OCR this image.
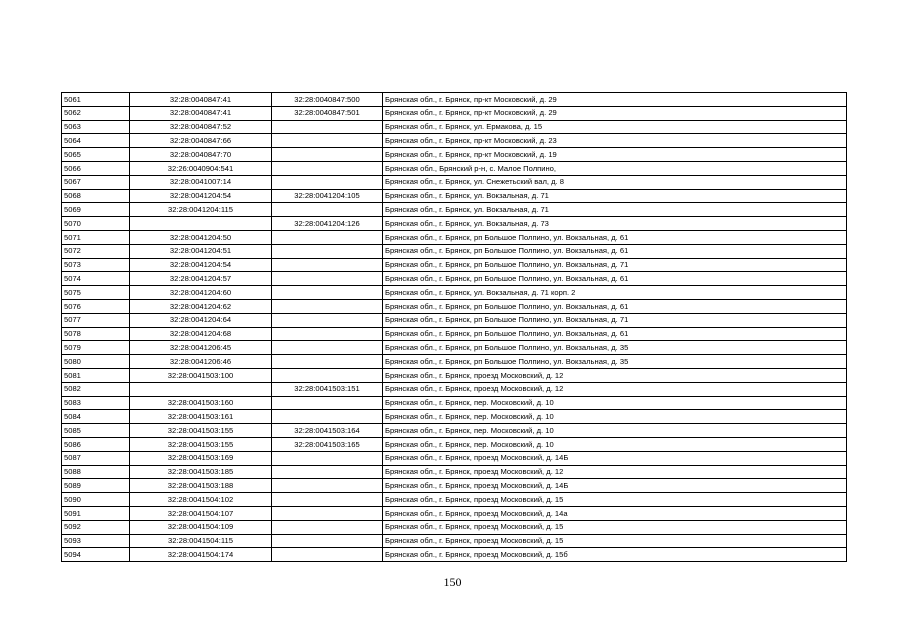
5061	32:28:0040847:41	32:28:0040847:500	Брянская обл., г. Брянск, пр-кт Московский, д. 29
5062	32:28:0040847:41	32:28:0040847:501	Брянская обл., г. Брянск, пр-кт Московский, д. 29
5063	32:28:0040847:52		Брянская обл., г. Брянск, ул. Ермакова, д. 15
5064	32:28:0040847:66		Брянская обл., г. Брянск, пр-кт Московский, д. 23
5065	32:28:0040847:70		Брянская обл., г. Брянск, пр-кт Московский, д. 19
5066	32:26:0040904:541		Брянская обл., Брянский р-н, с. Малое Полпино,
5067	32:28:0041007:14		Брянская обл., г. Брянск, ул. Снежетьский вал, д. 8
5068	32:28:0041204:54	32:28:0041204:105	Брянская обл., г. Брянск, ул. Вокзальная, д. 71
5069	32:28:0041204:115		Брянская обл., г. Брянск, ул. Вокзальная, д. 71
5070		32:28:0041204:126	Брянская обл., г. Брянск, ул. Вокзальная, д. 73
5071	32:28:0041204:50		Брянская обл., г. Брянск, рп Большое Полпино, ул. Вокзальная, д. 61
5072	32:28:0041204:51		Брянская обл., г. Брянск, рп Большое Полпино, ул. Вокзальная, д. 61
5073	32:28:0041204:54		Брянская обл., г. Брянск, рп Большое Полпино, ул. Вокзальная, д. 71
5074	32:28:0041204:57		Брянская обл., г. Брянск, рп Большое Полпино, ул. Вокзальная, д. 61
5075	32:28:0041204:60		Брянская обл., г. Брянск, ул. Вокзальная, д. 71 корп. 2
5076	32:28:0041204:62		Брянская обл., г. Брянск, рп Большое Полпино, ул. Вокзальная, д. 61
5077	32:28:0041204:64		Брянская обл., г. Брянск, рп Большое Полпино, ул. Вокзальная, д. 71
5078	32:28:0041204:68		Брянская обл., г. Брянск, рп Большое Полпино, ул. Вокзальная, д. 61
5079	32:28:0041206:45		Брянская обл., г. Брянск, рп Большое Полпино, ул. Вокзальная, д. 35
5080	32:28:0041206:46		Брянская обл., г. Брянск, рп Большое Полпино, ул. Вокзальная, д. 35
5081	32:28:0041503:100		Брянская обл., г. Брянск, проезд Московский, д. 12
5082		32:28:0041503:151	Брянская обл., г. Брянск, проезд Московский, д. 12
5083	32:28:0041503:160		Брянская обл., г. Брянск, пер. Московский, д. 10
5084	32:28:0041503:161		Брянская обл., г. Брянск, пер. Московский, д. 10
5085	32:28:0041503:155	32:28:0041503:164	Брянская обл., г. Брянск, пер. Московский, д. 10
5086	32:28:0041503:155	32:28:0041503:165	Брянская обл., г. Брянск, пер. Московский, д. 10
5087	32:28:0041503:169		Брянская обл., г. Брянск, проезд Московский, д. 14Б
5088	32:28:0041503:185		Брянская обл., г. Брянск, проезд Московский, д. 12
5089	32:28:0041503:188		Брянская обл., г. Брянск, проезд Московский, д. 14Б
5090	32:28:0041504:102		Брянская обл., г. Брянск, проезд Московский, д. 15
5091	32:28:0041504:107		Брянская обл., г. Брянск, проезд Московский, д. 14а
5092	32:28:0041504:109		Брянская обл., г. Брянск, проезд Московский, д. 15
5093	32:28:0041504:115		Брянская обл., г. Брянск, проезд Московский, д. 15
5094	32:28:0041504:174		Брянская обл., г. Брянск, проезд Московский, д. 15б
150
